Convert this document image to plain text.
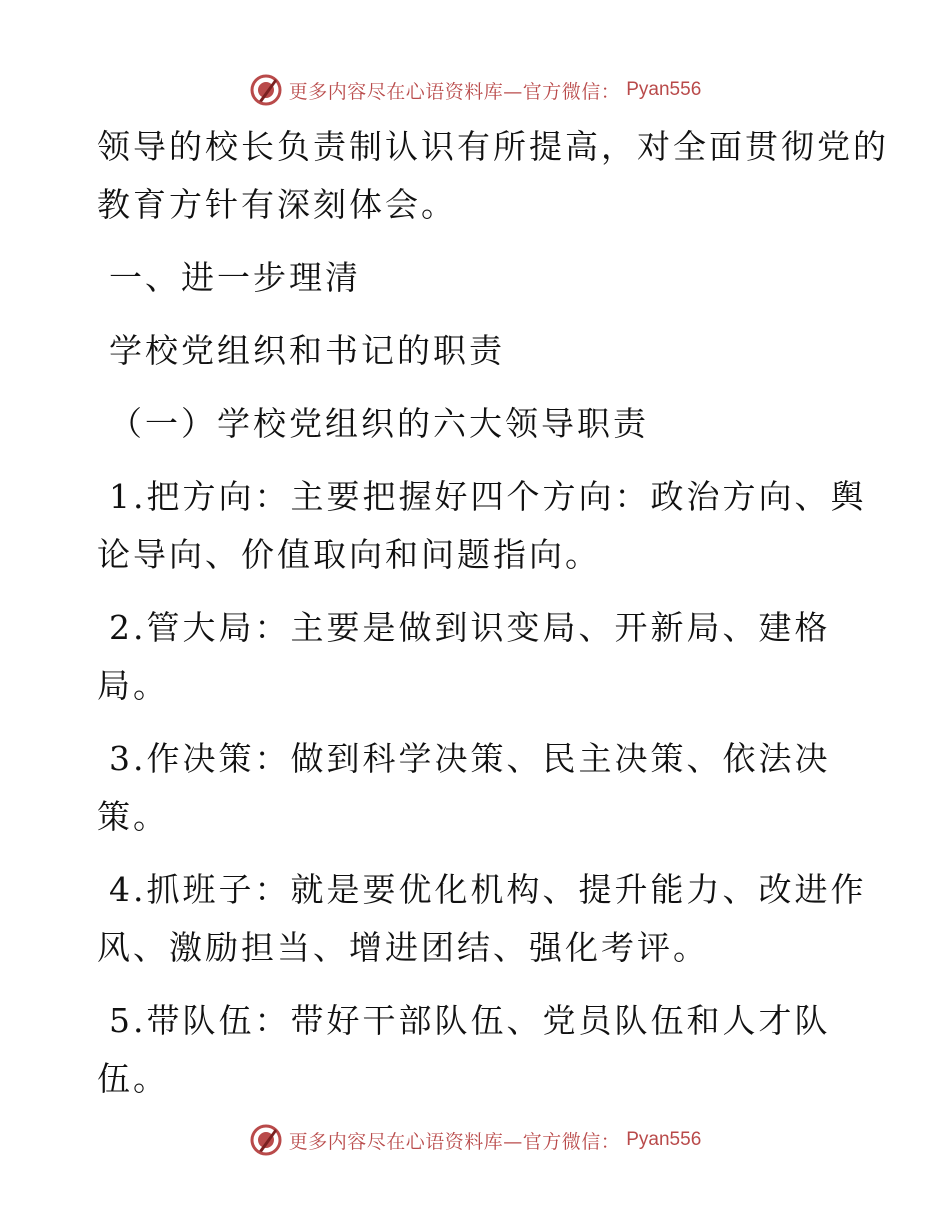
更多内容尽在心语资料库—官方微信： Pyan556
领导的校长负责制认识有所提高，对全面贯彻党的
教育方针有深刻体会。
一、进一步理清
学校党组织和书记的职责
（一）学校党组织的六大领导职责
1.把方向：主要把握好四个方向：政治方向、舆
论导向、价值取向和问题指向。
2.管大局：主要是做到识变局、开新局、建格
局。
3.作决策：做到科学决策、民主决策、依法决
策。
4.抓班子：就是要优化机构、提升能力、改进作
风、激励担当、增进团结、强化考评。
5.带队伍：带好干部队伍、党员队伍和人才队
伍。
更多内容尽在心语资料库—官方微信： Pyan556
